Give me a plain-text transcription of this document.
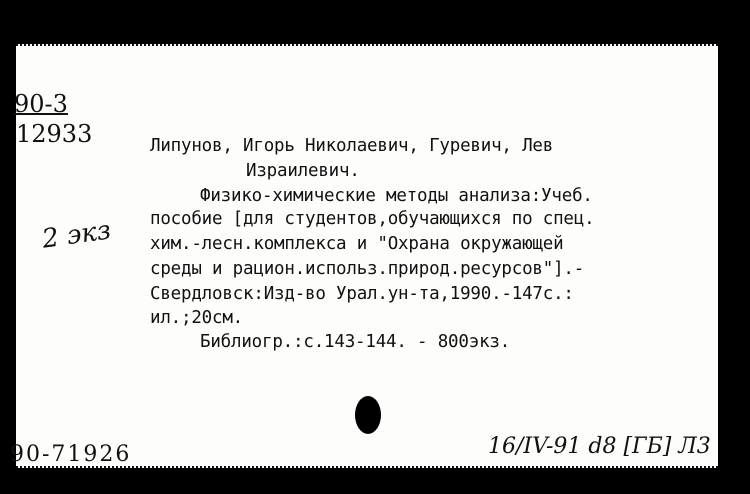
90-3
12933
2 экз
Липунов, Игорь Николаевич, Гуревич, Лев
Израилевич.
Физико-химические методы анализа:Учеб.
пособие [для студентов,обучающихся по спец.
хим.-лесн.комплекса и "Охрана окружающей
среды и рацион.использ.природ.ресурсов"].-
Свердловск:Изд-во Урал.ун-та,1990.-147с.:
ил.;20см.
Библиогр.:с.143-144. - 800экз.
90-71926	16/IV-91 d8 [ГБ] Л3
